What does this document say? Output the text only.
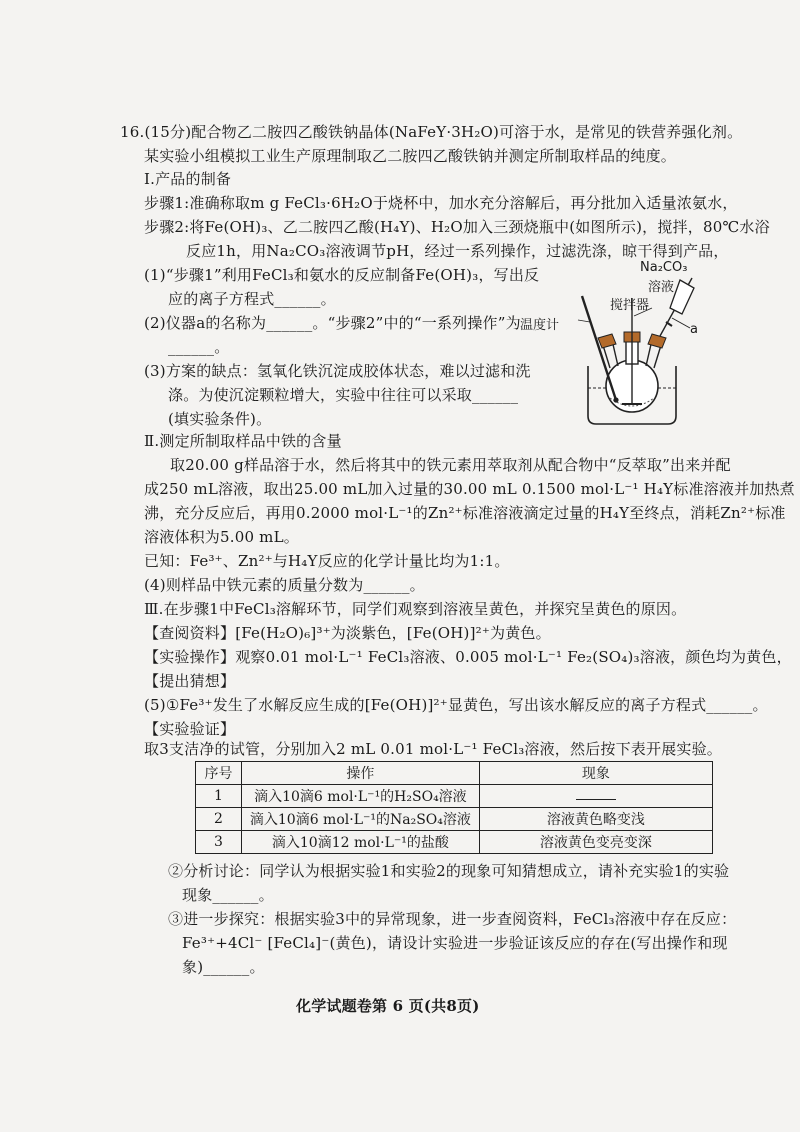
16.(15分)配合物乙二胺四乙酸铁钠晶体(NaFeY·3H₂O)可溶于水，是常见的铁营养强化剂。
某实验小组模拟工业生产原理制取乙二胺四乙酸铁钠并测定所制取样品的纯度。
Ⅰ.产品的制备
步骤1:准确称取m g FeCl₃·6H₂O于烧杯中，加水充分溶解后，再分批加入适量浓氨水，
步骤2:将Fe(OH)₃、乙二胺四乙酸(H₄Y)、H₂O加入三颈烧瓶中(如图所示)，搅拌，80℃水浴
反应1h，用Na₂CO₃溶液调节pH，经过一系列操作，过滤洗涤，晾干得到产品，
(1)“步骤1”利用FeCl₃和氨水的反应制备Fe(OH)₃，写出反
应的离子方程式______。
(2)仪器a的名称为______。“步骤2”中的“一系列操作”为
______。
(3)方案的缺点：氢氧化铁沉淀成胶体状态，难以过滤和洗
涤。为使沉淀颗粒增大，实验中往往可以采取______
(填实验条件)。
Na₂CO₃
溶液
搅拌器
温度计	a
Ⅱ.测定所制取样品中铁的含量
取20.00 g样品溶于水，然后将其中的铁元素用萃取剂从配合物中“反萃取”出来并配
成250 mL溶液，取出25.00 mL加入过量的30.00 mL 0.1500 mol·L⁻¹ H₄Y标准溶液并加热煮
沸，充分反应后，再用0.2000 mol·L⁻¹的Zn²⁺标准溶液滴定过量的H₄Y至终点，消耗Zn²⁺标准
溶液体积为5.00 mL。
已知：Fe³⁺、Zn²⁺与H₄Y反应的化学计量比均为1:1。
(4)则样品中铁元素的质量分数为______。
Ⅲ.在步骤1中FeCl₃溶解环节，同学们观察到溶液呈黄色，并探究呈黄色的原因。
【查阅资料】[Fe(H₂O)₆]³⁺为淡紫色，[Fe(OH)]²⁺为黄色。
【实验操作】观察0.01 mol·L⁻¹ FeCl₃溶液、0.005 mol·L⁻¹ Fe₂(SO₄)₃溶液，颜色均为黄色，
【提出猜想】
(5)①Fe³⁺发生了水解反应生成的[Fe(OH)]²⁺显黄色，写出该水解反应的离子方程式______。
【实验验证】
取3支洁净的试管，分别加入2 mL 0.01 mol·L⁻¹ FeCl₃溶液，然后按下表开展实验。
序号	操作	现象
1	滴入10滴6 mol·L⁻¹的H₂SO₄溶液	
2	滴入10滴6 mol·L⁻¹的Na₂SO₄溶液	溶液黄色略变浅
3	滴入10滴12 mol·L⁻¹的盐酸	溶液黄色变亮变深
②分析讨论：同学认为根据实验1和实验2的现象可知猜想成立，请补充实验1的实验
现象______。
③进一步探究：根据实验3中的异常现象，进一步查阅资料，FeCl₃溶液中存在反应：
Fe³⁺+4Cl⁻ [FeCl₄]⁻(黄色)，请设计实验进一步验证该反应的存在(写出操作和现
象)______。
化学试题卷第 6 页(共8页)
